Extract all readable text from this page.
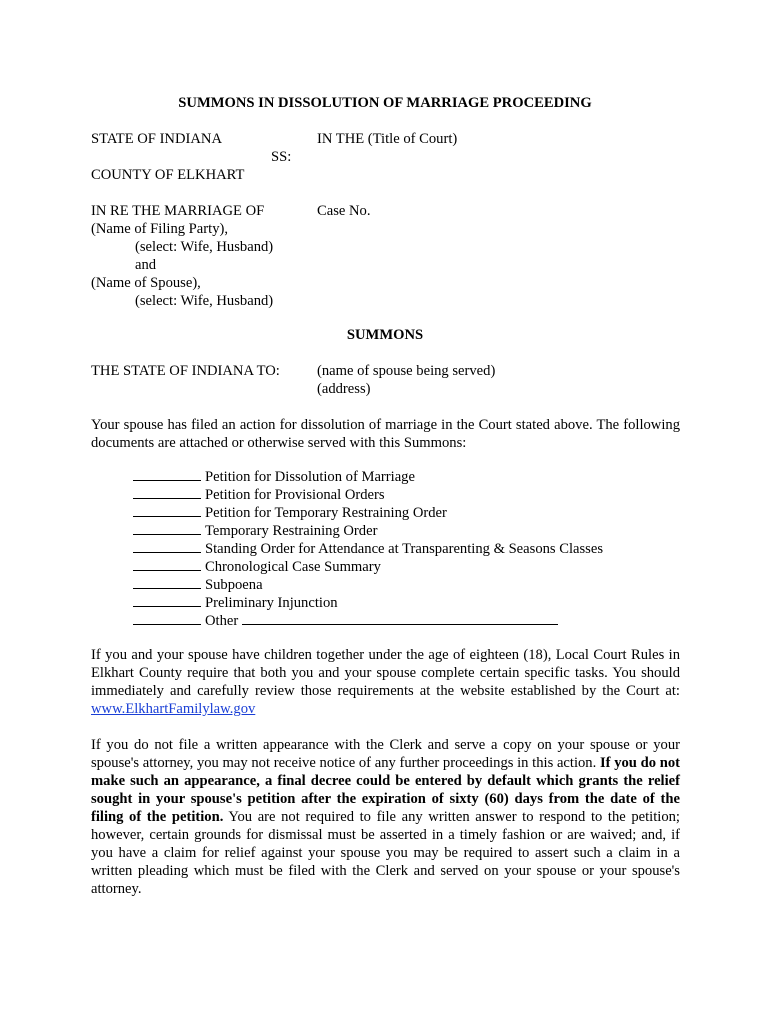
SUMMONS IN DISSOLUTION OF MARRIAGE PROCEEDING
STATE OF INDIANA
SS:
COUNTY OF ELKHART
IN THE (Title of Court)
IN RE THE MARRIAGE OF
(Name of Filing Party),
(select: Wife, Husband)
and
(Name of Spouse),
(select: Wife, Husband)
Case No.
SUMMONS
THE STATE OF INDIANA TO:	(name of spouse being served)
(address)

Your spouse has filed an action for dissolution of marriage in the Court stated above. The following documents are attached or otherwise served with this Summons:

Petition for Dissolution of Marriage
Petition for Provisional Orders
Petition for Temporary Restraining Order
Temporary Restraining Order
Standing Order for Attendance at Transparenting & Seasons Classes
Chronological Case Summary
Subpoena
Preliminary Injunction
Other

If you and your spouse have children together under the age of eighteen (18), Local Court Rules in Elkhart County require that both you and your spouse complete certain specific tasks. You should immediately and carefully review those requirements at the website established by the Court at: www.ElkhartFamilylaw.gov

If you do not file a written appearance with the Clerk and serve a copy on your spouse or your spouse's attorney, you may not receive notice of any further proceedings in this action. If you do not make such an appearance, a final decree could be entered by default which grants the relief sought in your spouse's petition after the expiration of sixty (60) days from the date of the filing of the petition. You are not required to file any written answer to respond to the petition; however, certain grounds for dismissal must be asserted in a timely fashion or are waived; and, if you have a claim for relief against your spouse you may be required to assert such a claim in a written pleading which must be filed with the Clerk and served on your spouse or your spouse's attorney.
